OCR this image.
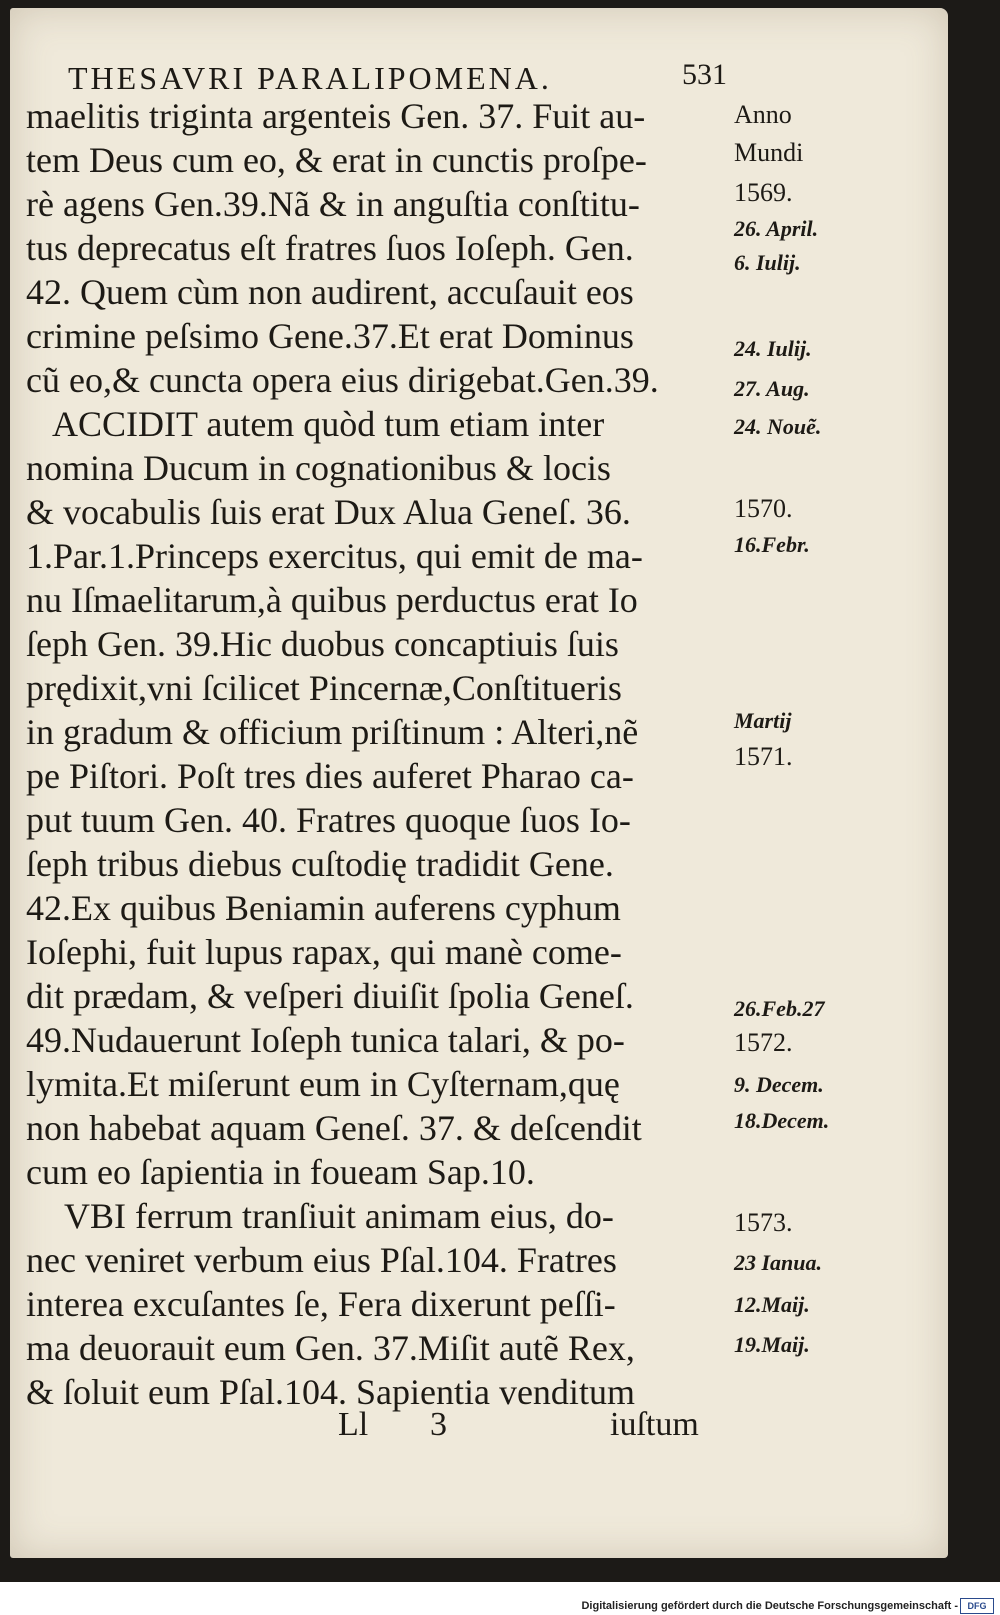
THESAVRI PARALIPOMENA.	531
maelitis triginta argenteis Gen. 37. Fuit au-
tem Deus cum eo, & erat in cunctis proſpe-
rè agens Gen.39.Nã & in anguſtia conſtitu-
tus deprecatus eſt fratres ſuos Ioſeph. Gen.
42. Quem cùm non audirent, accuſauit eos
crimine peſsimo Gene.37.Et erat Dominus
cũ eo,& cuncta opera eius dirigebat.Gen.39.
ACCIDIT autem quòd tum etiam inter
nomina Ducum in cognationibus & locis
& vocabulis ſuis erat Dux Alua Geneſ. 36.
1.Par.1.Princeps exercitus, qui emit de ma-
nu Iſmaelitarum,à quibus perductus erat Io
ſeph Gen. 39.Hic duobus concaptiuis ſuis
prędixit,vni ſcilicet Pincernæ,Conſtitueris
in gradum & officium priſtinum : Alteri,nẽ
pe Piſtori. Poſt tres dies auferet Pharao ca-
put tuum Gen. 40. Fratres quoque ſuos Io-
ſeph tribus diebus cuſtodię tradidit Gene.
42.Ex quibus Beniamin auferens cyphum
Ioſephi, fuit lupus rapax, qui manè come-
dit prædam, & veſperi diuiſit ſpolia Geneſ.
49.Nudauerunt Ioſeph tunica talari, & po-
lymita.Et miſerunt eum in Cyſternam,quę
non habebat aquam Geneſ. 37. & deſcendit
cum eo ſapientia in foueam Sap.10.
VBI ferrum tranſiuit animam eius, do-
nec veniret verbum eius Pſal.104. Fratres
interea excuſantes ſe, Fera dixerunt peſſi-
ma deuorauit eum Gen. 37.Miſit autẽ Rex,
& ſoluit eum Pſal.104. Sapientia venditum
Anno
Mundi
1569.
26. April.
6. Iulij.
24. Iulij.
27. Aug.
24. Nouẽ.
1570.
16.Febr.
Martij
1571.
26.Feb.27
1572.
9. Decem.
18.Decem.
1573.
23 Ianua.
12.Maij.
19.Maij.
Ll 3	iuſtum
Digitalisierung gefördert durch die Deutsche Forschungsgemeinschaft -	DFG
